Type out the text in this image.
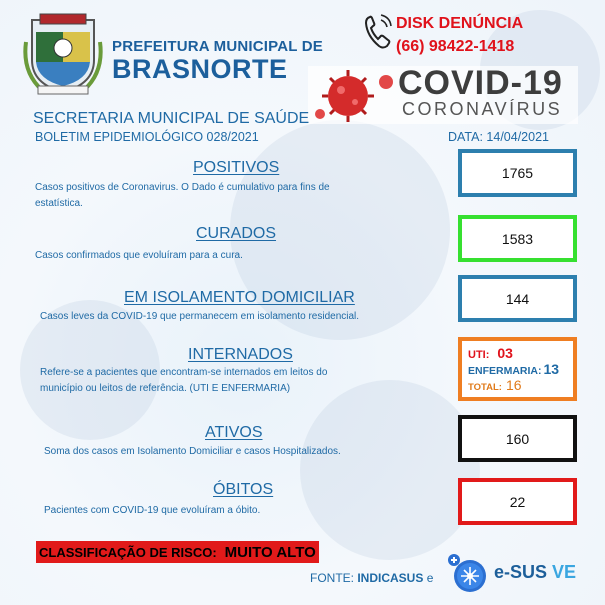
PREFEITURA MUNICIPAL DE
BRASNORTE
DISK DENÚNCIA
(66) 98422-1418
COVID-19
CORONAVÍRUS
SECRETARIA MUNICIPAL DE SAÚDE
BOLETIM EPIDEMIOLÓGICO 028/2021	DATA: 14/04/2021
POSITIVOS
Casos positivos de Coronavirus. O Dado é cumulativo para fins de
estatística.
1765
CURADOS
Casos confirmados que evoluíram para a cura.
1583
EM ISOLAMENTO DOMICILIAR
Casos leves da COVID-19 que permanecem em isolamento residencial.
144
INTERNADOS
Refere-se a pacientes que encontram-se internados em leitos do
município ou leitos de referência. (UTI E ENFERMARIA)
UTI: 03
ENFERMARIA: 13
TOTAL: 16
ATIVOS
Soma dos casos em Isolamento Domiciliar e casos Hospitalizados.
160
ÓBITOS
Pacientes com COVID-19 que evoluíram a óbito.
22
CLASSIFICAÇÃO DE RISCO: MUITO ALTO
FONTE: INDICASUS e	e-SUS VE
